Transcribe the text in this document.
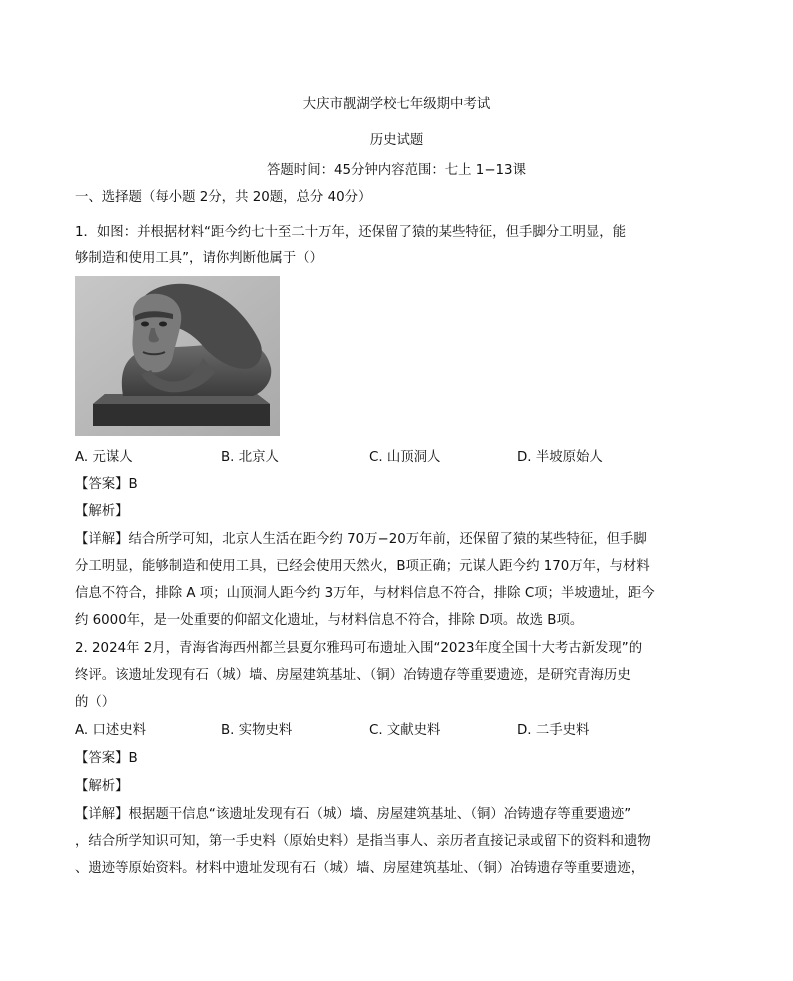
大庆市靓湖学校七年级期中考试
历史试题
答题时间：45分钟内容范围：七上 1−13课
一、选择题（每小题 2分，共 20题，总分 40分）
1．如图：并根据材料“距今约七十至二十万年，还保留了猿的某些特征，但手脚分工明显，能
够制造和使用工具”，请你判断他属于（）
A. 元谋人	B. 北京人	C. 山顶洞人	D. 半坡原始人
【答案】B
【解析】
【详解】结合所学可知，北京人生活在距今约 70万−20万年前，还保留了猿的某些特征，但手脚
分工明显，能够制造和使用工具，已经会使用天然火，B项正确；元谋人距今约 170万年，与材料
信息不符合，排除 A 项；山顶洞人距今约 3万年，与材料信息不符合，排除 C项；半坡遗址，距今
约 6000年，是一处重要的仰韶文化遗址，与材料信息不符合，排除 D项。故选 B项。
2. 2024年 2月，青海省海西州都兰县夏尔雅玛可布遗址入围“2023年度全国十大考古新发现”的
终评。该遗址发现有石（城）墙、房屋建筑基址、（铜）冶铸遗存等重要遗迹，是研究青海历史
的（）
A. 口述史料	B. 实物史料	C. 文献史料	D. 二手史料
【答案】B
【解析】
【详解】根据题干信息“该遗址发现有石（城）墙、房屋建筑基址、（铜）冶铸遗存等重要遗迹”
，结合所学知识可知，第一手史料（原始史料）是指当事人、亲历者直接记录或留下的资料和遗物
、遗迹等原始资料。材料中遗址发现有石（城）墙、房屋建筑基址、（铜）冶铸遗存等重要遗迹，
